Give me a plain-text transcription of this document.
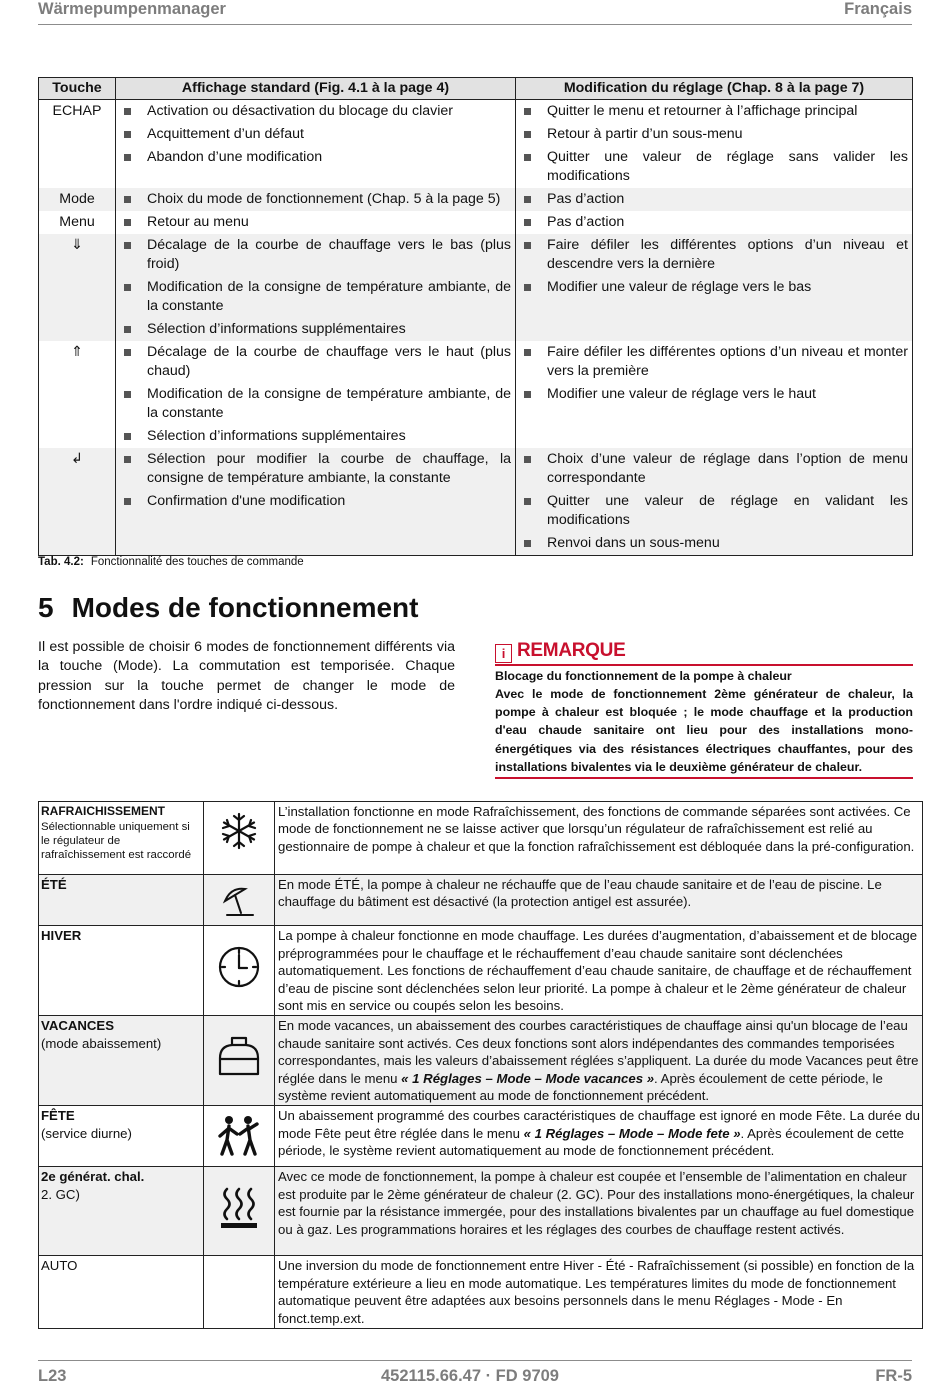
Wärmepumpenmanager	Français
Touche	Affichage standard (Fig. 4.1 à la page 4)	Modification du réglage (Chap. 8 à la page 7)
ECHAP	Activation ou désactivation du blocage du clavier	Quitter le menu et retourner à l’affichage principal

	Acquittement d’un défaut	Retour à partir d’un sous-menu

	Abandon d’une modification	Quitter une valeur de réglage sans valider les modifications

Mode	Choix du mode de fonctionnement (Chap. 5 à la page 5)	Pas d’action

Menu	Retour au menu	Pas d’action

⇓	Décalage de la courbe de chauffage vers le bas (plus froid)	Faire défiler les différentes options d’un niveau et descendre vers la dernière

	Modification de la consigne de température ambiante, de la constante	Modifier une valeur de réglage vers le bas

	Sélection d’informations supplémentaires	

⇑	Décalage de la courbe de chauffage vers le haut (plus chaud)	Faire défiler les différentes options d’un niveau et monter vers la première

	Modification de la consigne de température ambiante, de la constante	Modifier une valeur de réglage vers le haut

	Sélection d’informations supplémentaires	

↲	Sélection pour modifier la courbe de chauffage, la consigne de température ambiante, la constante	Choix d’une valeur de réglage dans l’option de menu correspondante

	Confirmation d'une modification	Quitter une valeur de réglage en validant les modifications

		Renvoi dans un sous-menu
Tab. 4.2: Fonctionnalité des touches de commande
5 Modes de fonctionnement
Il est possible de choisir 6 modes de fonctionnement différents via la touche (Mode). La commutation est temporisée. Chaque pression sur la touche permet de changer le mode de fonctionnement dans l'ordre indiqué ci-dessous.
i REMARQUE
Blocage du fonctionnement de la pompe à chaleur
Avec le mode de fonctionnement 2ème générateur de chaleur, la pompe à chaleur est bloquée ; le mode chauffage et la production d'eau chaude sanitaire ont lieu pour des installations mono-énergétiques via des résistances électriques chauffantes, pour des installations bivalentes via le deuxième générateur de chaleur.
RAFRAICHISSEMENT
Sélectionnable uniquement si le régulateur de rafraîchissement est raccordé		L’installation fonctionne en mode Rafraîchissement, des fonctions de commande séparées sont activées. Ce mode de fonctionnement ne se laisse activer que lorsqu’un régulateur de rafraîchissement est relié au gestionnaire de pompe à chaleur et que la fonction rafraîchissement est débloquée dans la pré-configuration.

ÉTÉ		En mode ÉTÉ, la pompe à chaleur ne réchauffe que de l’eau chaude sanitaire et de l’eau de piscine. Le chauffage du bâtiment est désactivé (la protection antigel est assurée).

HIVER		La pompe à chaleur fonctionne en mode chauffage. Les durées d’augmentation, d’abaissement et de blocage préprogrammées pour le chauffage et le réchauffement d’eau chaude sanitaire sont déclenchées automatiquement. Les fonctions de réchauffement d’eau chaude sanitaire, de chauffage et de réchauffement d’eau de piscine sont déclenchées selon leur priorité. La pompe à chaleur et le 2ème générateur de chaleur sont mis en service ou coupés selon les besoins.

VACANCES
(mode abaissement)		En mode vacances, un abaissement des courbes caractéristiques de chauffage ainsi qu'un blocage de l’eau chaude sanitaire sont activés. Ces deux fonctions sont alors indépendantes des commandes temporisées correspondantes, mais les valeurs d’abaissement réglées s’appliquent. La durée du mode Vacances peut être réglée dans le menu « 1 Réglages – Mode – Mode vacances ». Après écoulement de cette période, le système revient automatiquement au mode de fonctionnement précédent.

FÊTE
(service diurne)		Un abaissement programmé des courbes caractéristiques de chauffage est ignoré en mode Fête. La durée du mode Fête peut être réglée dans le menu « 1 Réglages – Mode – Mode fete ». Après écoulement de cette période, le système revient automatiquement au mode de fonctionnement précédent.

2e générat. chal.
2. GC)		Avec ce mode de fonctionnement, la pompe à chaleur est coupée et l’ensemble de l’alimentation en chaleur est produite par le 2ème générateur de chaleur (2. GC). Pour des installations mono-énergétiques, la chaleur est fournie par la résistance immergée, pour des installations bivalentes par un chauffage au fuel domestique ou à gaz. Les programmations horaires et les réglages des courbes de chauffage restent activés.

AUTO		Une inversion du mode de fonctionnement entre Hiver - Été - Rafraîchissement (si possible) en fonction de la température extérieure a lieu en mode automatique. Les températures limites du mode de fonctionnement automatique peuvent être adaptées aux besoins personnels dans le menu Réglages - Mode - En fonct.temp.ext.
L23	452115.66.47 · FD 9709	FR-5
